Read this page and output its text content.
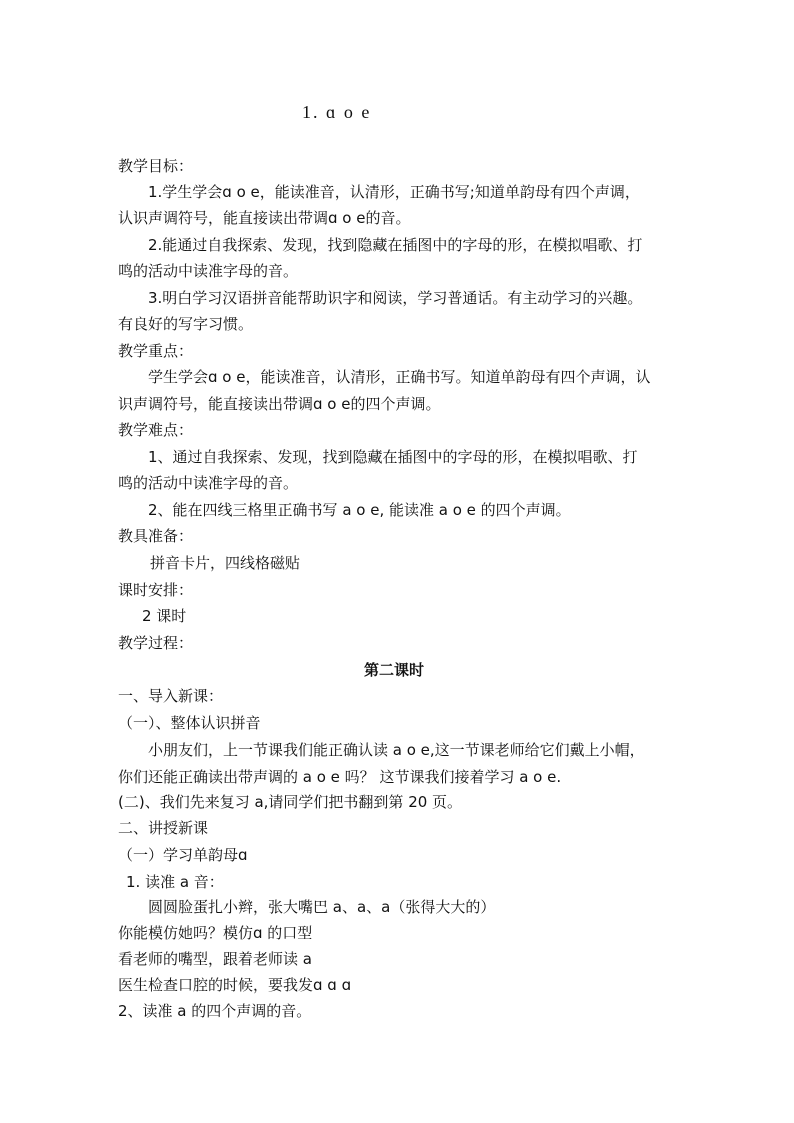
1. ɑ o e
教学目标：
1.学生学会ɑ o e，能读准音，认清形，正确书写;知道单韵母有四个声调，
认识声调符号，能直接读出带调ɑ o e的音。
2.能通过自我探索、发现，找到隐藏在插图中的字母的形，在模拟唱歌、打
鸣的活动中读准字母的音。
3.明白学习汉语拼音能帮助识字和阅读，学习普通话。有主动学习的兴趣。
有良好的写字习惯。
教学重点：
学生学会ɑ o e，能读准音，认清形，正确书写。知道单韵母有四个声调，认
识声调符号，能直接读出带调ɑ o e的四个声调。
教学难点：
1、通过自我探索、发现，找到隐藏在插图中的字母的形，在模拟唱歌、打
鸣的活动中读准字母的音。
2、能在四线三格里正确书写 a o e, 能读准 a o e 的四个声调。
教具准备：
拼音卡片，四线格磁贴
课时安排：
2 课时
教学过程：
第二课时
一、导入新课：
（一）、整体认识拼音
小朋友们，上一节课我们能正确认读 a o e,这一节课老师给它们戴上小帽，
你们还能正确读出带声调的 a o e 吗？ 这节课我们接着学习 a o e.
(二)、我们先来复习 a,请同学们把书翻到第 20 页。
二、讲授新课
（一）学习单韵母ɑ
1. 读准 a 音：
圆圆脸蛋扎小辫，张大嘴巴 a、a、a（张得大大的）
你能模仿她吗？模仿ɑ 的口型
看老师的嘴型，跟着老师读 a
医生检查口腔的时候，要我发ɑ ɑ ɑ
2、读准 a 的四个声调的音。
